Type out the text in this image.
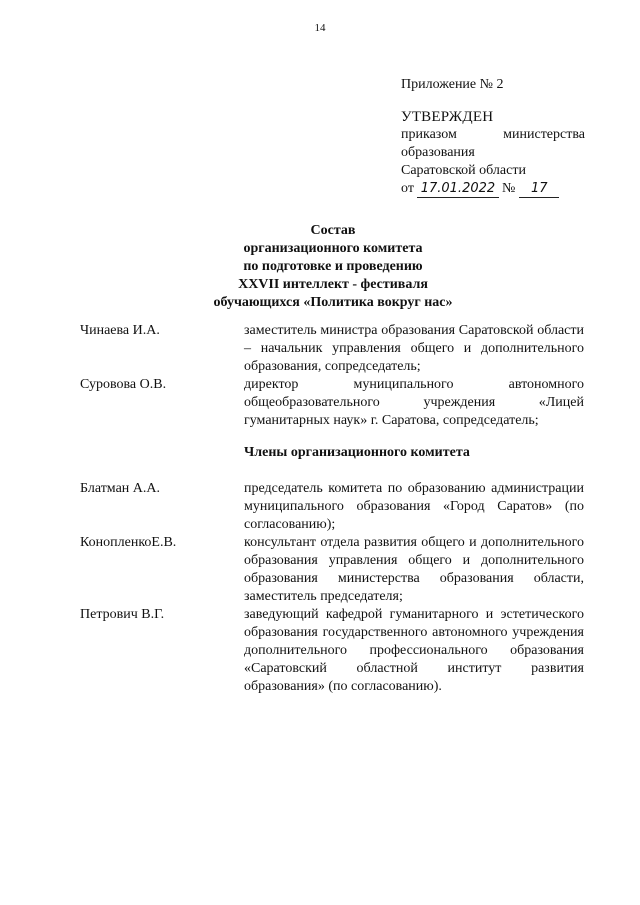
14
Приложение № 2
УТВЕРЖДЕН
приказом	министерства
образования
Саратовской области
от 17.01.2022 №	17
Состав
организационного комитета
по подготовке и проведению
XXVII интеллект - фестиваля
обучающихся «Политика вокруг нас»
Чинаева И.А.	заместитель министра образования Саратовской области – начальник управления общего и дополнительного образования, сопредседатель;
Суровова О.В.	директор муниципального автономного общеобразовательного учреждения «Лицей гуманитарных наук» г. Саратова, сопредседатель;
Члены организационного комитета
Блатман А.А.	председатель комитета по образованию администрации муниципального образования «Город Саратов» (по согласованию);
КонопленкоЕ.В.	консультант отдела развития общего и дополнительного образования управления общего и дополнительного образования министерства образования области, заместитель председателя;
Петрович В.Г.	заведующий кафедрой гуманитарного и эстетического образования государственного автономного учреждения дополнительного профессионального образования «Саратовский областной институт развития образования» (по согласованию).
